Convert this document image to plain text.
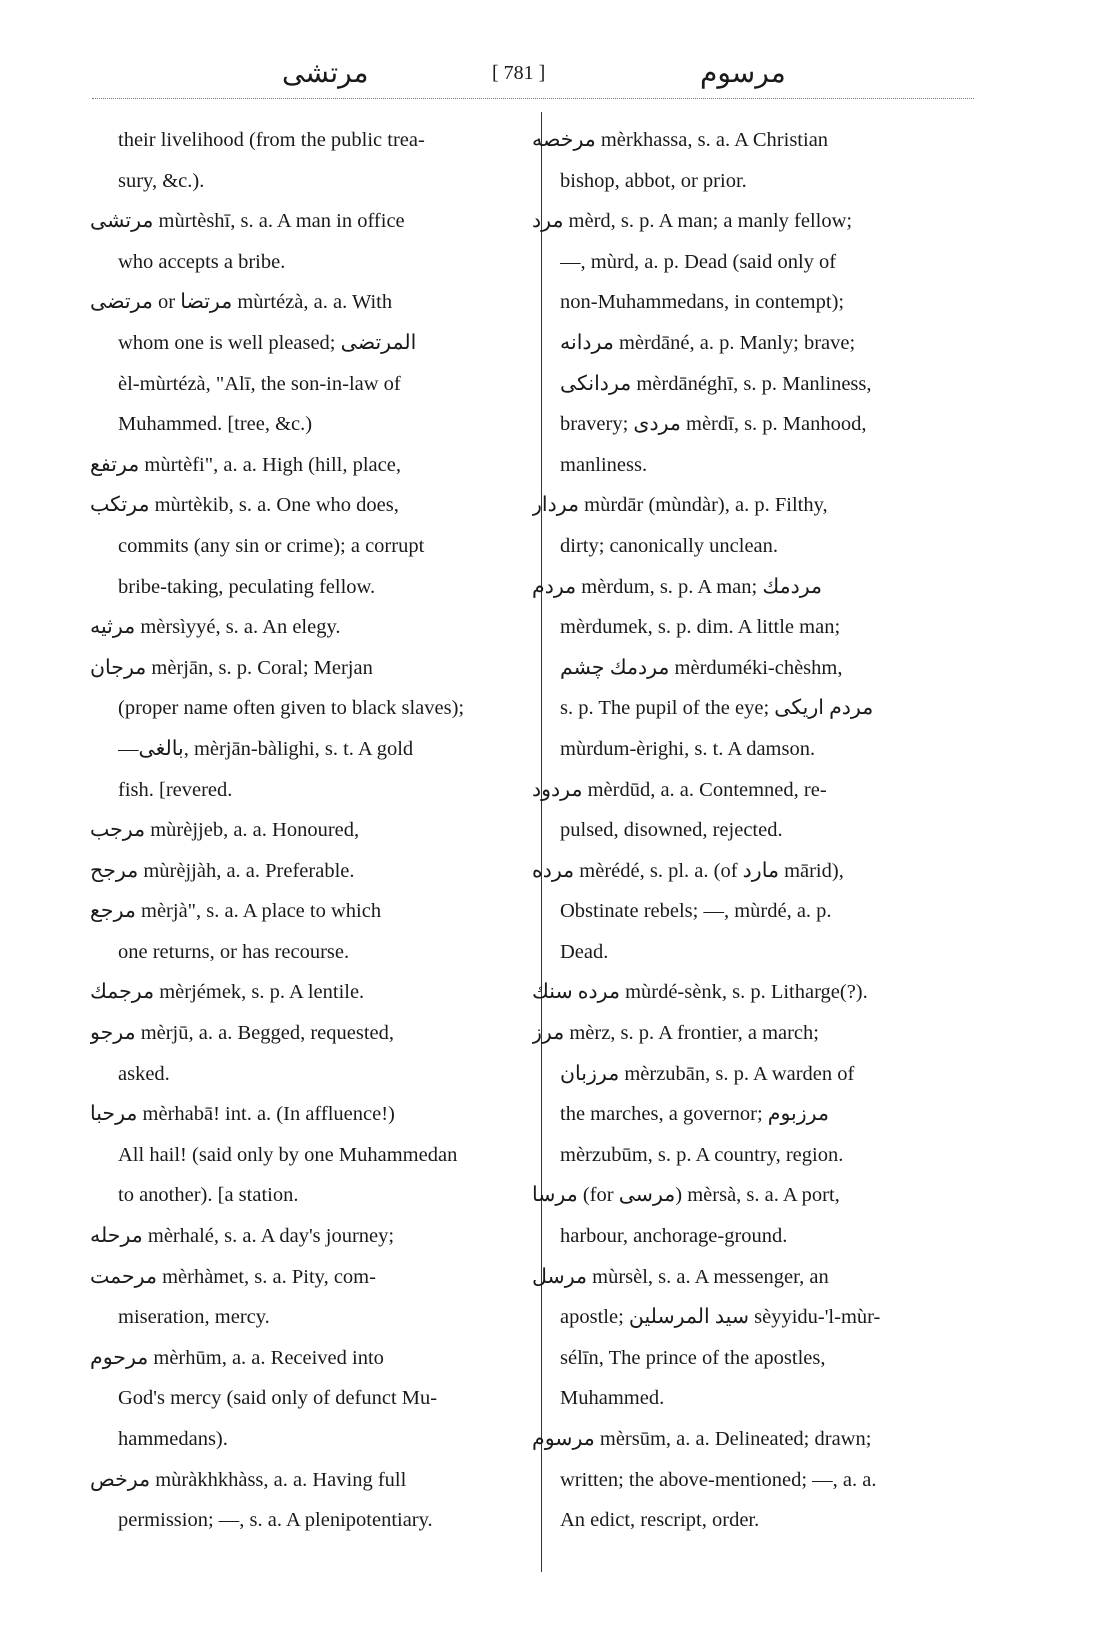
مرتشی	[ 781 ]	مرسوم
their livelihood (from the public trea-
sury, &c.).
مرتشی mùrtèshī, s. a. A man in office
who accepts a bribe.
مرتضی or مرتضا mùrtézà, a. a. With
whom one is well pleased; المرتضی
èl-mùrtézà, "Alī, the son-in-law of
Muhammed. [tree, &c.)
مرتفع mùrtèfi", a. a. High (hill, place,
مرتکب mùrtèkib, s. a. One who does,
commits (any sin or crime); a corrupt
bribe-taking, peculating fellow.
مرثیه mèrsìyyé, s. a. An elegy.
مرجان mèrjān, s. p. Coral; Merjan
(proper name often given to black slaves);
—بالغی, mèrjān-bàlighi, s. t. A gold
fish. [revered.
مرجب mùrèjjeb, a. a. Honoured,
مرجح mùrèjjàh, a. a. Preferable.
مرجع mèrjà", s. a. A place to which
one returns, or has recourse.
مرجمك mèrjémek, s. p. A lentile.
مرجو mèrjū, a. a. Begged, requested,
asked.
مرحبا mèrhabā! int. a. (In affluence!)
All hail! (said only by one Muhammedan
to another). [a station.
مرحله mèrhalé, s. a. A day's journey;
مرحمت mèrhàmet, s. a. Pity, com-
miseration, mercy.
مرحوم mèrhūm, a. a. Received into
God's mercy (said only of defunct Mu-
hammedans).
مرخص mùràkhkhàss, a. a. Having full
permission; —, s. a. A plenipotentiary.
مرخصه mèrkhassa, s. a. A Christian
bishop, abbot, or prior.
مرد mèrd, s. p. A man; a manly fellow;
—, mùrd, a. p. Dead (said only of
non-Muhammedans, in contempt);
مردانه mèrdāné, a. p. Manly; brave;
مردانکی mèrdānéghī, s. p. Manliness,
bravery; مردی mèrdī, s. p. Manhood,
manliness.
مردار mùrdār (mùndàr), a. p. Filthy,
dirty; canonically unclean.
مردم mèrdum, s. p. A man; مردمك
mèrdumek, s. p. dim. A little man;
مردمك چشم mèrduméki-chèshm,
s. p. The pupil of the eye; مردم اریکی
mùrdum-èrighi, s. t. A damson.
مردود mèrdūd, a. a. Contemned, re-
pulsed, disowned, rejected.
مرده mèrédé, s. pl. a. (of مارد mārid),
Obstinate rebels; —, mùrdé, a. p.
Dead.
مرده سنك mùrdé-sènk, s. p. Litharge(?).
مرز mèrz, s. p. A frontier, a march;
مرزبان mèrzubān, s. p. A warden of
the marches, a governor; مرزبوم
mèrzubūm, s. p. A country, region.
مرسا (for مرسی) mèrsà, s. a. A port,
harbour, anchorage-ground.
مرسل mùrsèl, s. a. A messenger, an
apostle; سید المرسلین sèyyidu-'l-mùr-
sélīn, The prince of the apostles,
Muhammed.
مرسوم mèrsūm, a. a. Delineated; drawn;
written; the above-mentioned; —, a. a.
An edict, rescript, order.
